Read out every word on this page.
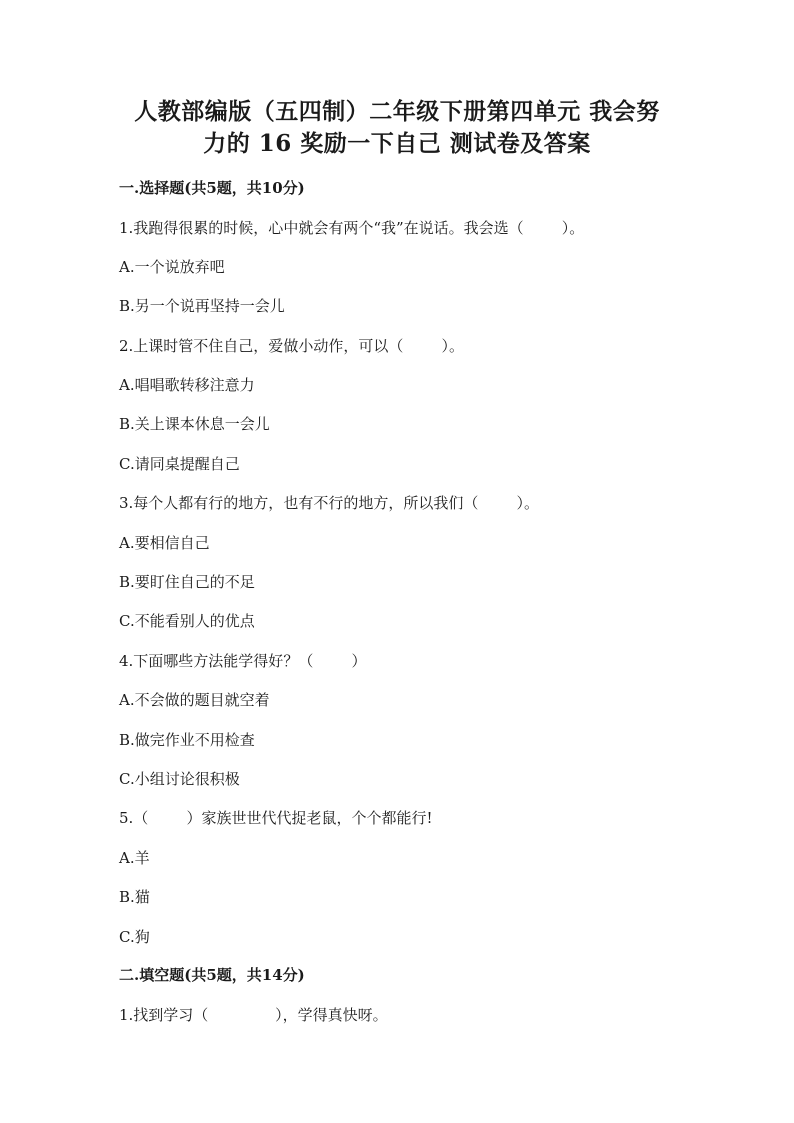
人教部编版（五四制）二年级下册第四单元 我会努
力的 16 奖励一下自己 测试卷及答案
一.选择题(共5题，共10分)

1.我跑得很累的时候，心中就会有两个“我”在说话。我会选（        ）。

A.一个说放弃吧

B.另一个说再坚持一会儿

2.上课时管不住自己，爱做小动作，可以（        ）。

A.唱唱歌转移注意力

B.关上课本休息一会儿

C.请同桌提醒自己

3.每个人都有行的地方，也有不行的地方，所以我们（        ）。

A.要相信自己

B.要盯住自己的不足

C.不能看别人的优点

4.下面哪些方法能学得好？（        ）

A.不会做的题目就空着

B.做完作业不用检查

C.小组讨论很积极

5.（        ）家族世世代代捉老鼠，个个都能行!

A.羊

B.猫

C.狗

二.填空题(共5题，共14分)

1.找到学习（              ），学得真快呀。
